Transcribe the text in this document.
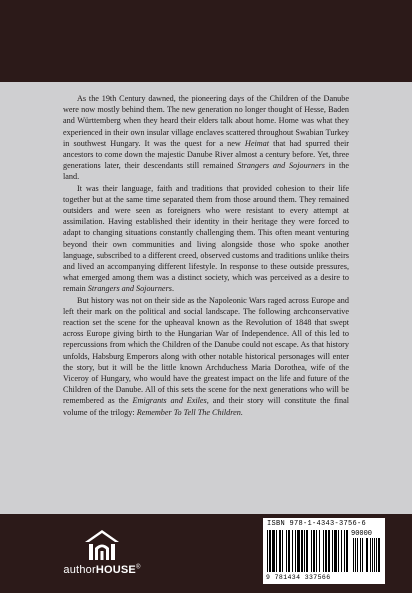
As the 19th Century dawned, the pioneering days of the Children of the Danube were now mostly behind them. The new generation no longer thought of Hesse, Baden and Württemberg when they heard their elders talk about home. Home was what they experienced in their own insular village enclaves scattered throughout Swabian Turkey in southwest Hungary. It was the quest for a new Heimat that had spurred their ancestors to come down the majestic Danube River almost a century before. Yet, three generations later, their descendants still remained Strangers and Sojourners in the land.

It was their language, faith and traditions that provided cohesion to their life together but at the same time separated them from those around them. They remained outsiders and were seen as foreigners who were resistant to every attempt at assimilation. Having established their identity in their heritage they were forced to adapt to changing situations constantly challenging them. This often meant venturing beyond their own communities and living alongside those who spoke another language, subscribed to a different creed, observed customs and traditions unlike theirs and lived an accompanying different lifestyle. In response to these outside pressures, what emerged among them was a distinct society, which was perceived as a desire to remain Strangers and Sojourners.

But history was not on their side as the Napoleonic Wars raged across Europe and left their mark on the political and social landscape. The following archconservative reaction set the scene for the upheaval known as the Revolution of 1848 that swept across Europe giving birth to the Hungarian War of Independence. All of this led to repercussions from which the Children of the Danube could not escape. As that history unfolds, Habsburg Emperors along with other notable historical personages will enter the story, but it will be the little known Archduchess Maria Dorothea, wife of the Viceroy of Hungary, who would have the greatest impact on the life and future of the Children of the Danube. All of this sets the scene for the next generations who will be remembered as the Emigrants and Exiles, and their story will constitute the final volume of the trilogy: Remember To Tell The Children.

authorHOUSE®
ISBN 978-1-4343-3756-6
90000
9 781434 337566
